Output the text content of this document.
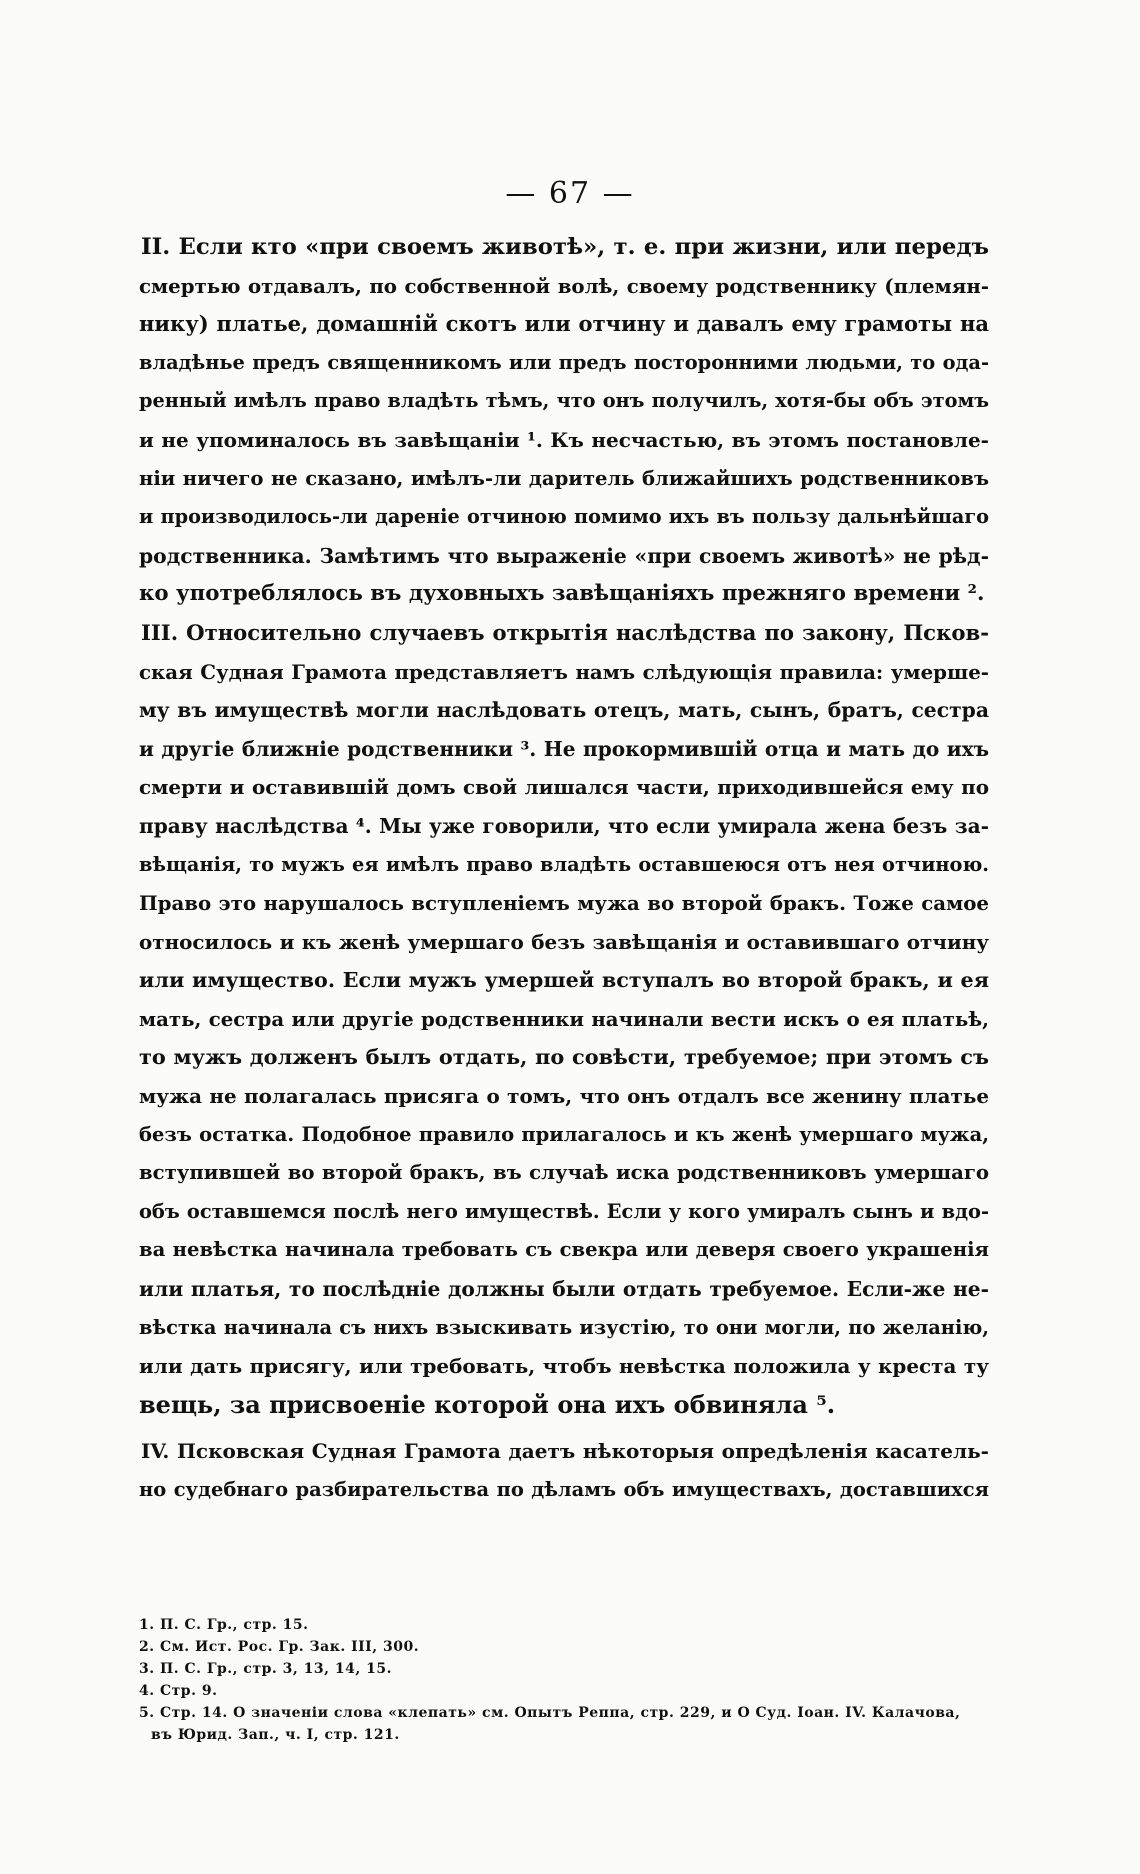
— 67 —
II. Если кто «при своемъ животѣ», т. е. при жизни, или передъ
смертью отдавалъ, по собственной волѣ, своему родственнику (племян-
нику) платье, домашній скотъ или отчину и давалъ ему грамоты на
владѣнье предъ священникомъ или предъ посторонними людьми, то ода-
ренный имѣлъ право владѣть тѣмъ, что онъ получилъ, хотя-бы объ этомъ
и не упоминалось въ завѣщаніи ¹. Къ несчастью, въ этомъ постановле-
ніи ничего не сказано, имѣлъ-ли даритель ближайшихъ родственниковъ
и производилось-ли дареніе отчиною помимо ихъ въ пользу дальнѣйшаго
родственника. Замѣтимъ что выраженіе «при своемъ животѣ» не рѣд-
ко употреблялось въ духовныхъ завѣщаніяхъ прежняго времени ².
III. Относительно случаевъ открытія наслѣдства по закону, Псков-
ская Судная Грамота представляетъ намъ слѣдующія правила: умерше-
му въ имуществѣ могли наслѣдовать отецъ, мать, сынъ, братъ, сестра
и другіе ближніе родственники ³. Не прокормившій отца и мать до ихъ
смерти и оставившій домъ свой лишался части, приходившейся ему по
праву наслѣдства ⁴. Мы уже говорили, что если умирала жена безъ за-
вѣщанія, то мужъ ея имѣлъ право владѣть оставшеюся отъ нея отчиною.
Право это нарушалось вступленіемъ мужа во второй бракъ. Тоже самое
относилось и къ женѣ умершаго безъ завѣщанія и оставившаго отчину
или имущество. Если мужъ умершей вступалъ во второй бракъ, и ея
мать, сестра или другіе родственники начинали вести искъ о ея платьѣ,
то мужъ долженъ былъ отдать, по совѣсти, требуемое; при этомъ съ
мужа не полагалась присяга о томъ, что онъ отдалъ все женину платье
безъ остатка. Подобное правило прилагалось и къ женѣ умершаго мужа,
вступившей во второй бракъ, въ случаѣ иска родственниковъ умершаго
объ оставшемся послѣ него имуществѣ. Если у кого умиралъ сынъ и вдо-
ва невѣстка начинала требовать съ свекра или деверя своего украшенія
или платья, то послѣдніе должны были отдать требуемое. Если-же не-
вѣстка начинала съ нихъ взыскивать изустію, то они могли, по желанію,
или дать присягу, или требовать, чтобъ невѣстка положила у креста ту
вещь, за присвоеніе которой она ихъ обвиняла ⁵.
IV. Псковская Судная Грамота даетъ нѣкоторыя опредѣленія касатель-
но судебнаго разбирательства по дѣламъ объ имуществахъ, доставшихся
1. П. С. Гр., стр. 15.
2. См. Ист. Рос. Гр. Зак. III, 300.
3. П. С. Гр., стр. 3, 13, 14, 15.
4. Стр. 9.
5. Стр. 14. О значеніи слова «клепать» см. Опытъ Реппа, стр. 229, и О Суд. Іоан. IV. Калачова,
въ Юрид. Зап., ч. I, стр. 121.
